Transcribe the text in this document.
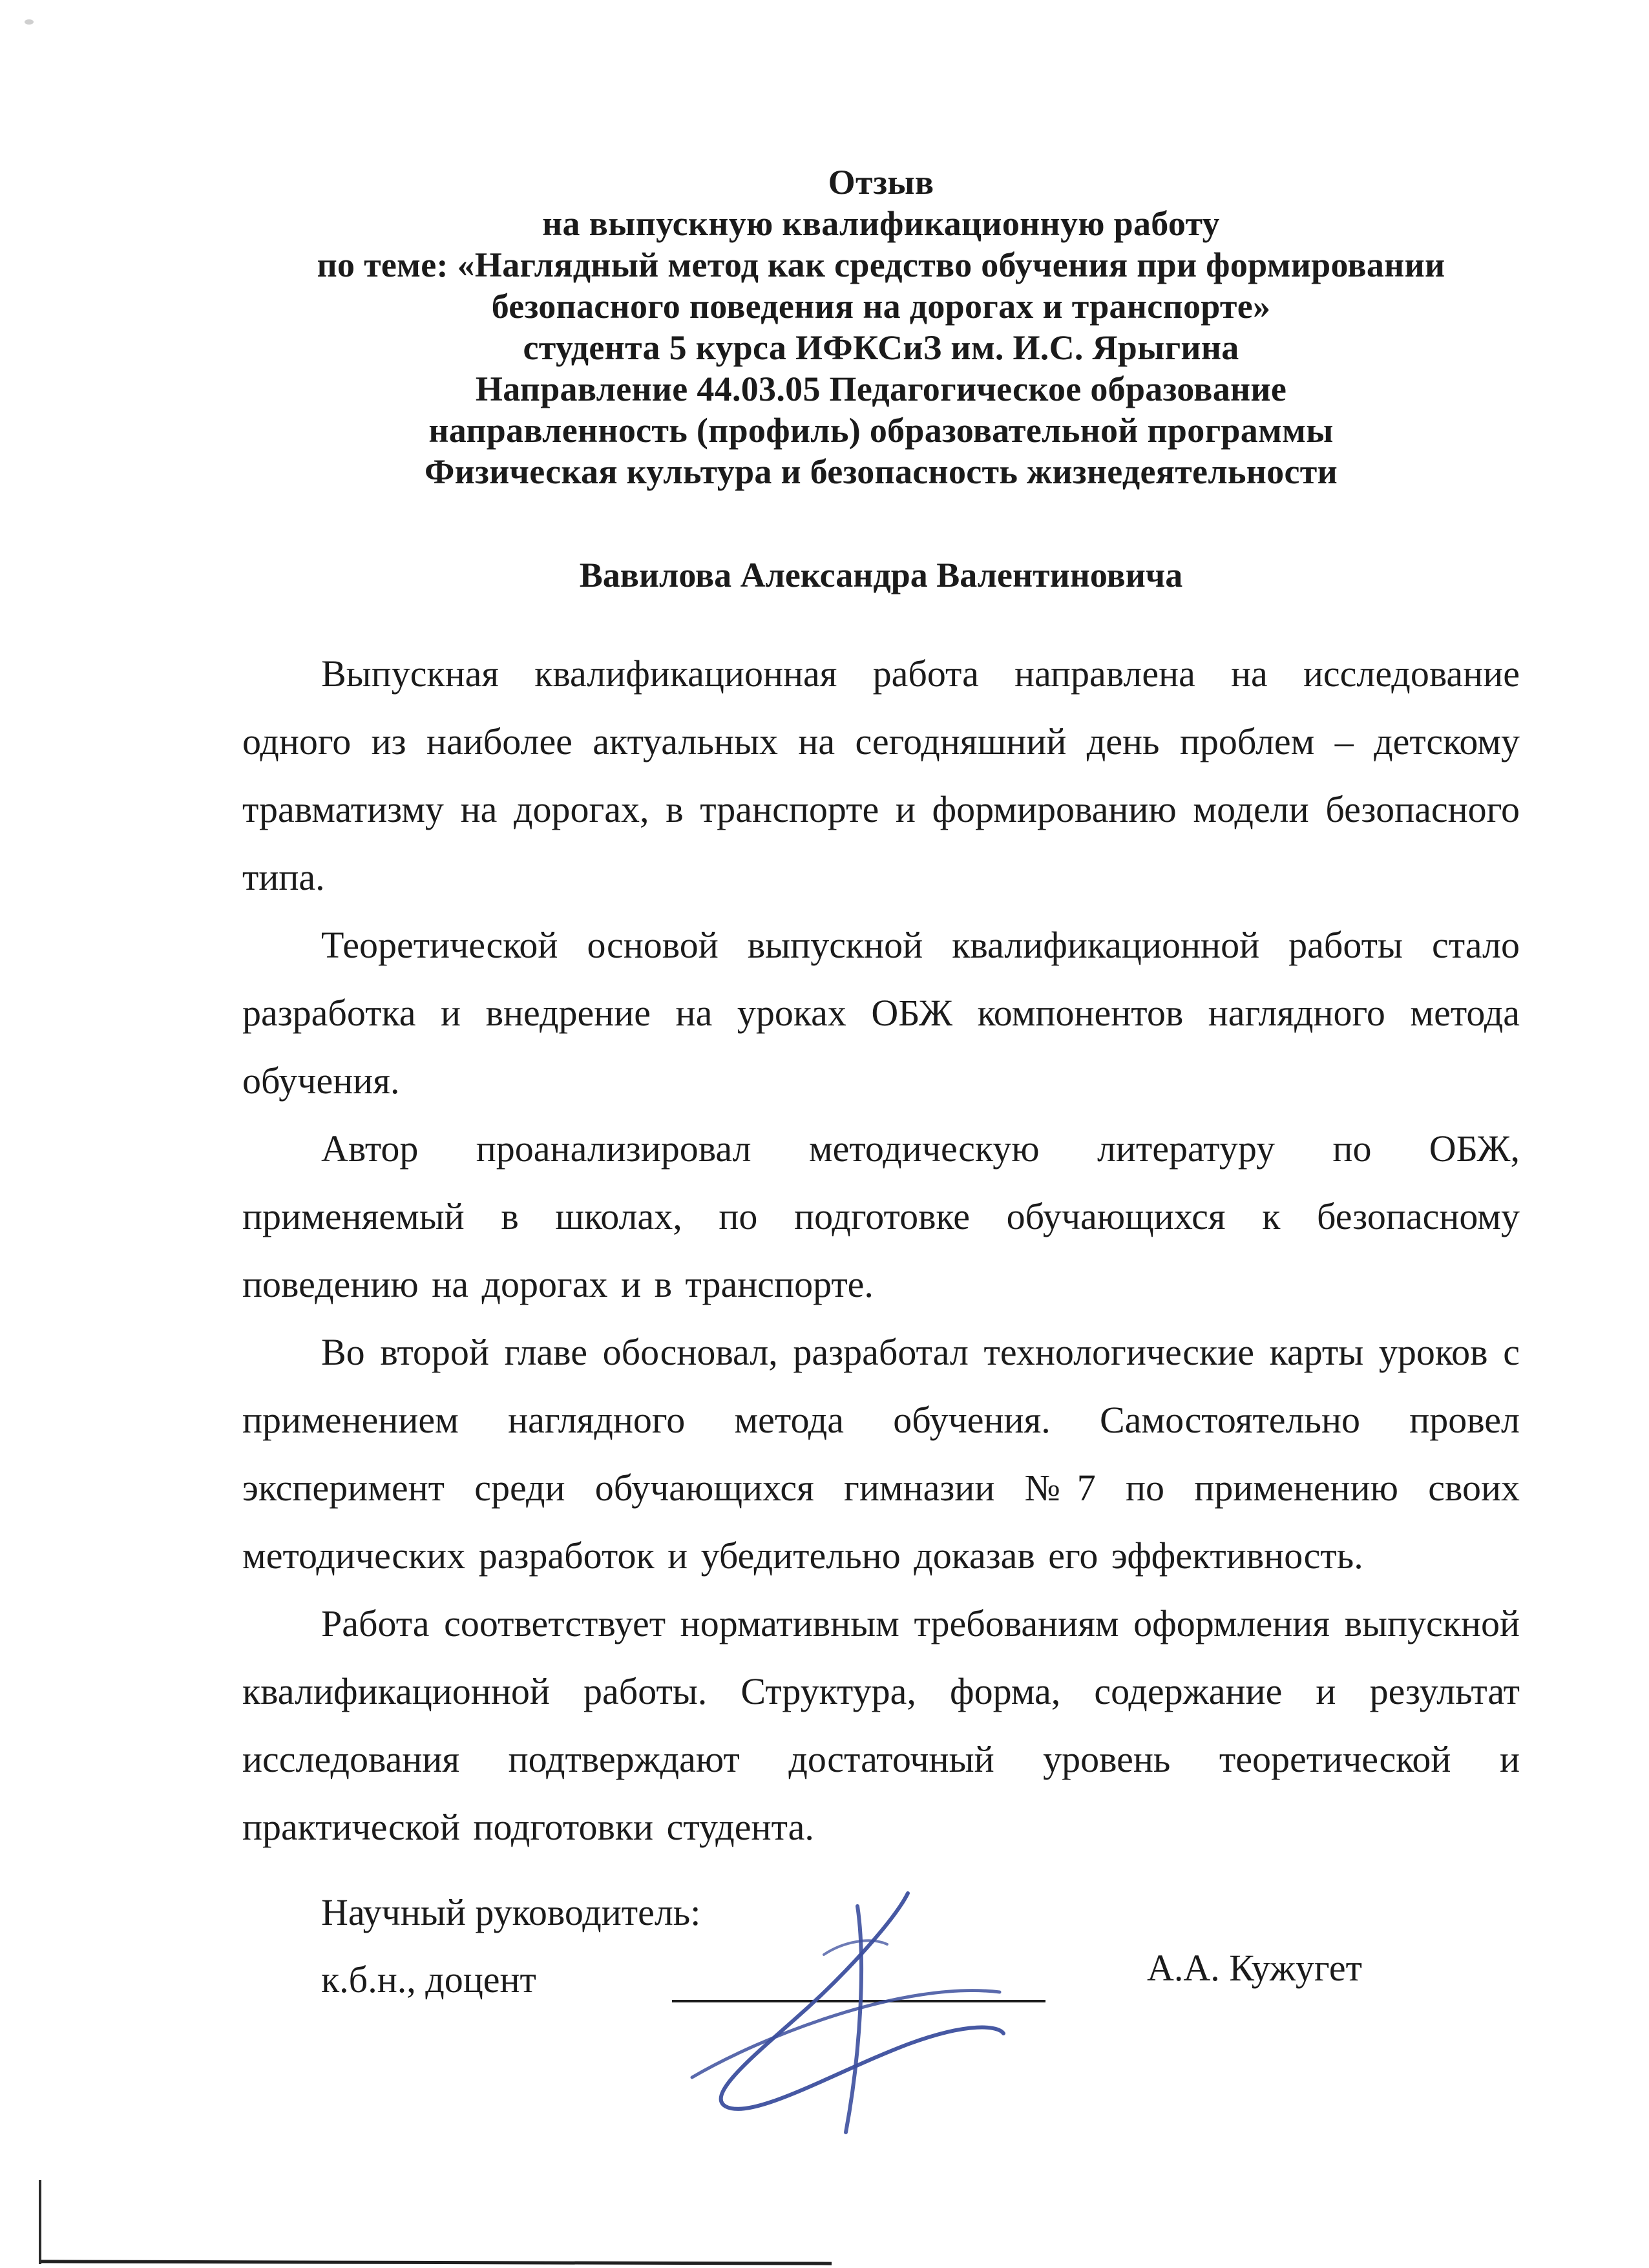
Отзыв
на выпускную квалификационную работу
по теме: «Наглядный метод как средство обучения при формировании
безопасного поведения на дорогах и транспорте»
студента 5 курса ИФКСиЗ им. И.С. Ярыгина
Направление 44.03.05 Педагогическое образование
направленность (профиль) образовательной программы
Физическая культура и безопасность жизнедеятельности
Вавилова Александра Валентиновича

Выпускная квалификационная работа направлена на исследование одного из наиболее актуальных на сегодняшний день проблем – детскому травматизму на дорогах, в транспорте и формированию модели безопасного типа.

Теоретической основой выпускной квалификационной работы стало разработка и внедрение на уроках ОБЖ компонентов наглядного метода обучения.

Автор проанализировал методическую литературу по ОБЖ, применяемый в школах, по подготовке обучающихся к безопасному поведению на дорогах и в транспорте.

Во второй главе обосновал, разработал технологические карты уроков с применением наглядного метода обучения. Самостоятельно провел эксперимент среди обучающихся гимназии №7 по применению своих методических разработок и убедительно доказав его эффективность.

Работа соответствует нормативным требованиям оформления выпускной квалификационной работы. Структура, форма, содержание и результат исследования подтверждают достаточный уровень теоретической и практической подготовки студента.

Научный руководитель:
к.б.н., доцент	А.А. Кужугет
